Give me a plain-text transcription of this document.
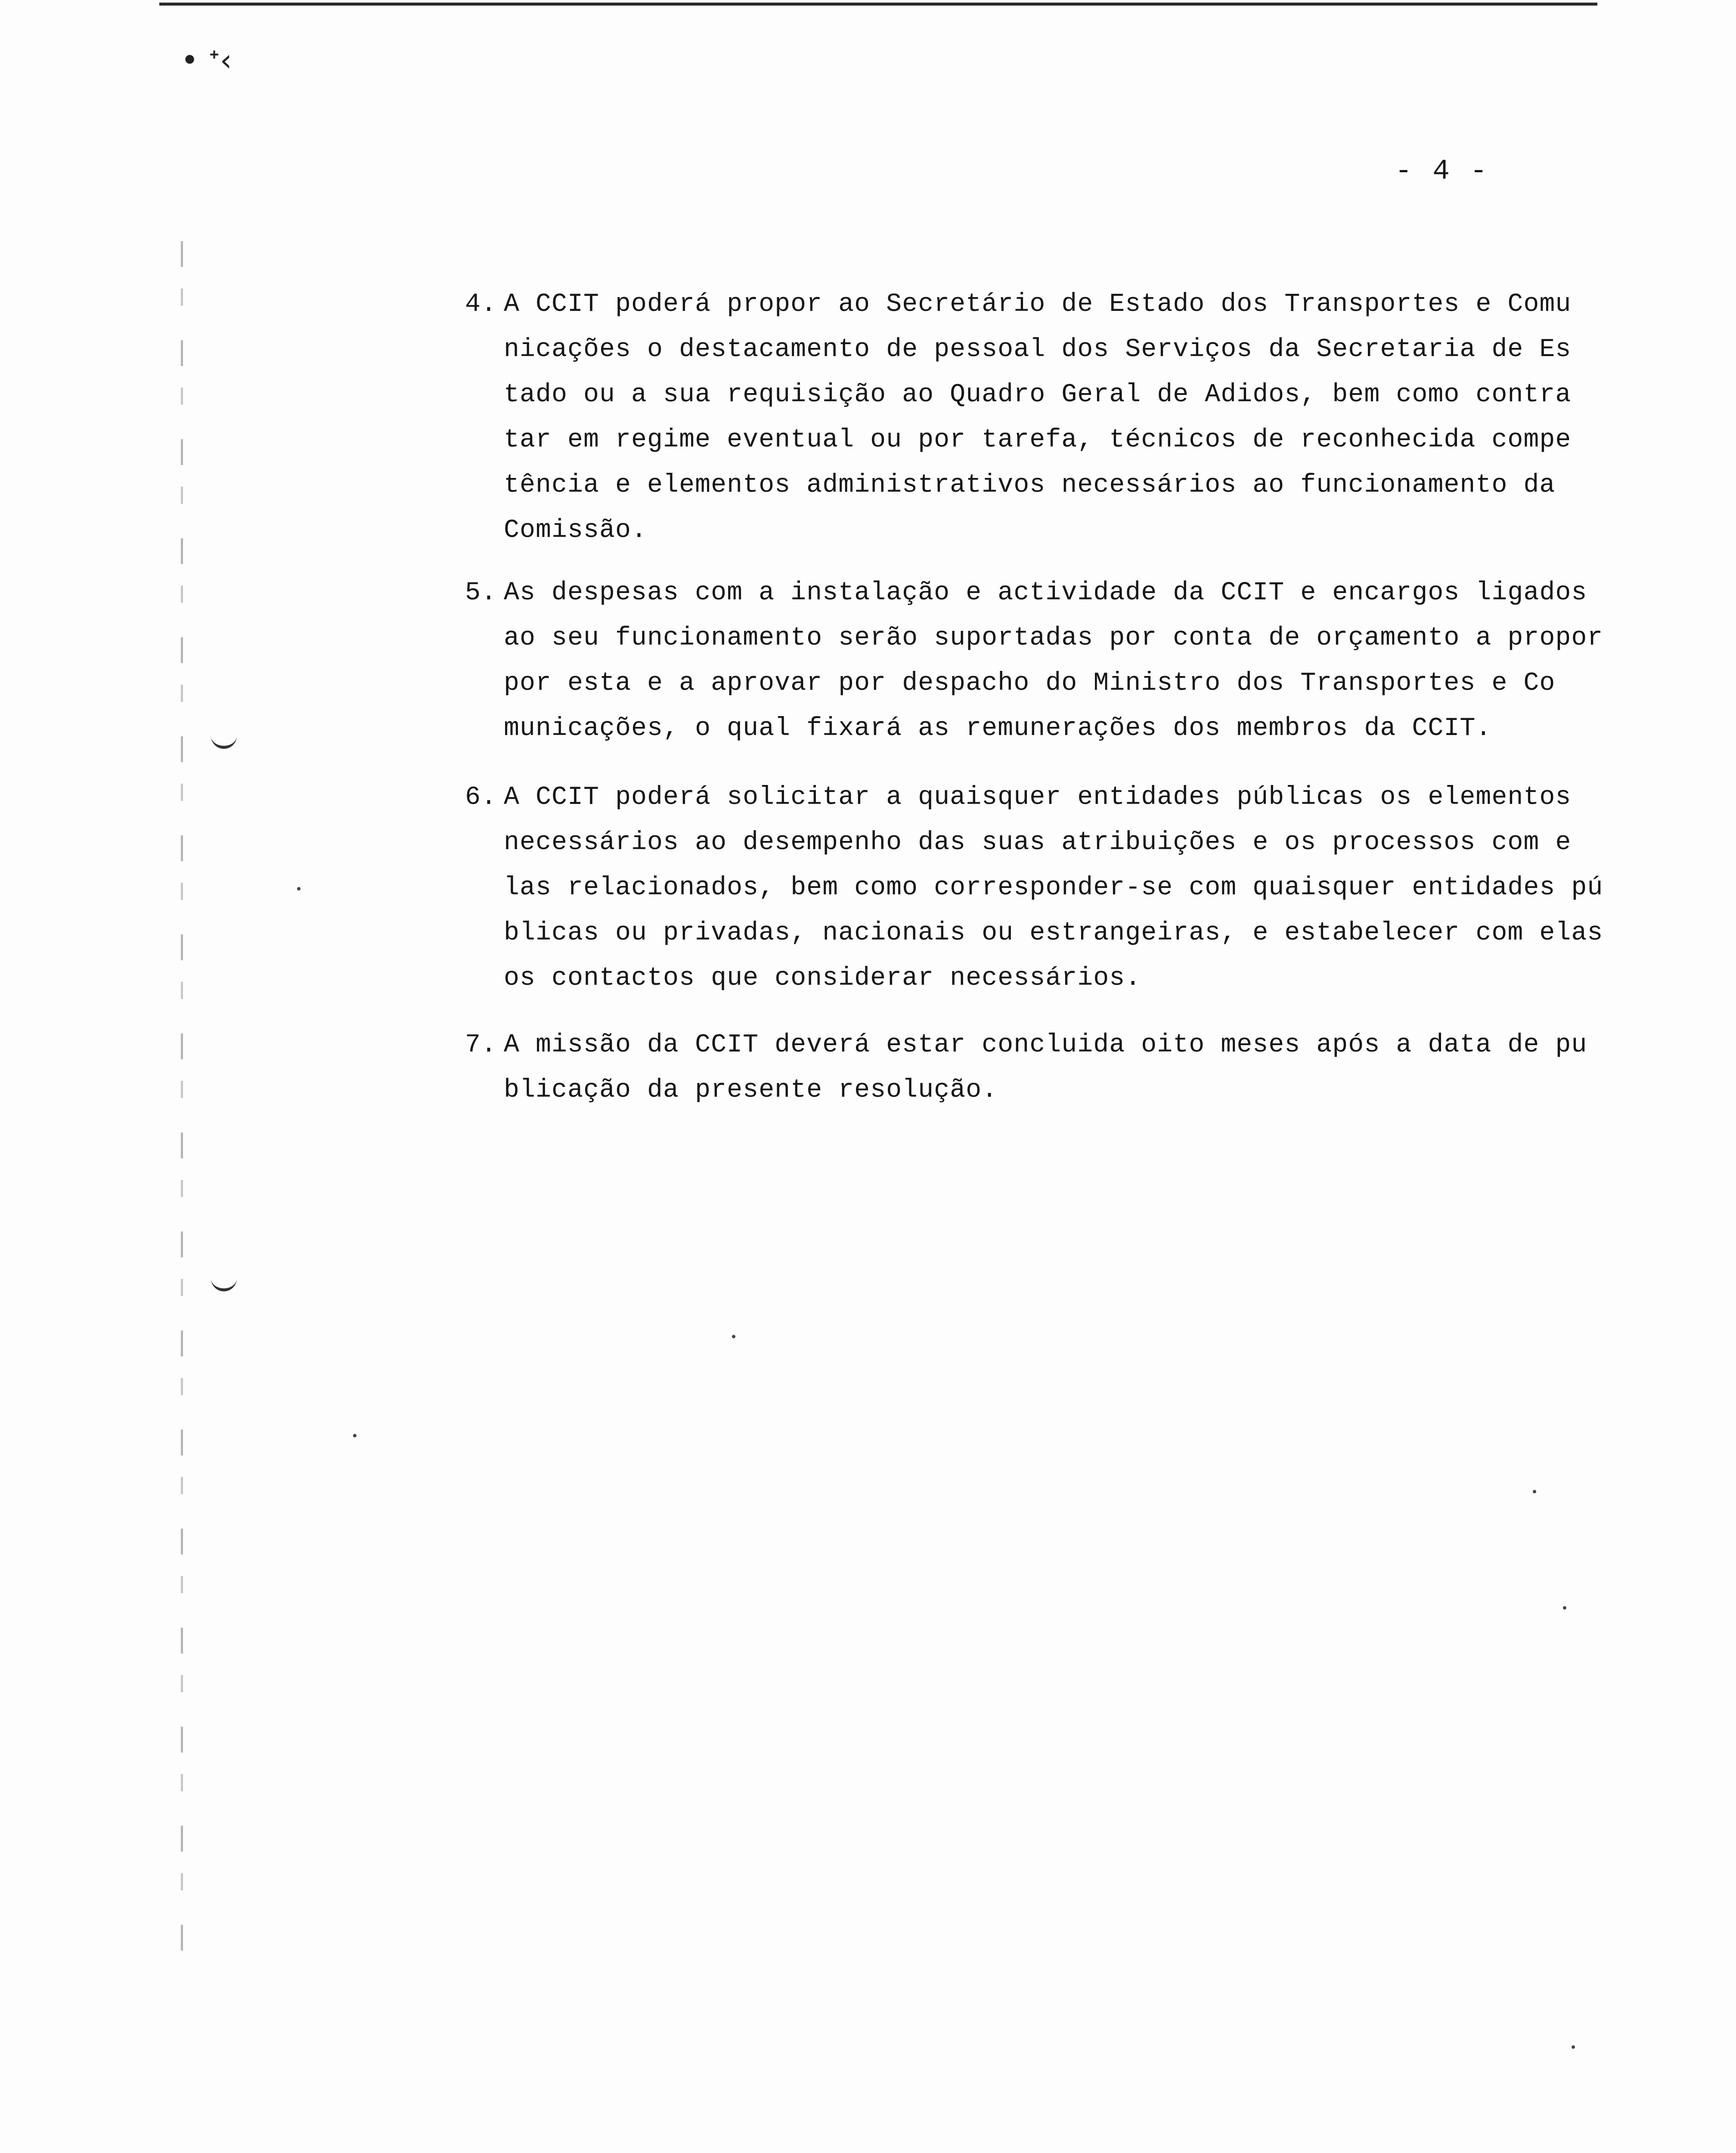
• ᐩ‹
- 4 -
4. A CCIT poderá propor ao Secretário de Estado dos Transportes e Comu
nicações o destacamento de pessoal dos Serviços da Secretaria de Es
tado ou a sua requisição ao Quadro Geral de Adidos, bem como contra
tar em regime eventual ou por tarefa, técnicos de reconhecida compe
tência e elementos administrativos necessários ao funcionamento da
Comissão.
5. As despesas com a instalação e actividade da CCIT e encargos ligados
ao seu funcionamento serão suportadas por conta de orçamento a propor
por esta e a aprovar por despacho do Ministro dos Transportes e Co
municações, o qual fixará as remunerações dos membros da CCIT.
6. A CCIT poderá solicitar a quaisquer entidades públicas os elementos
necessários ao desempenho das suas atribuições e os processos com e
las relacionados, bem como corresponder-se com quaisquer entidades pú
blicas ou privadas, nacionais ou estrangeiras, e estabelecer com elas
os contactos que considerar necessários.
7. A missão da CCIT deverá estar concluida oito meses após a data de pu
blicação da presente resolução.
